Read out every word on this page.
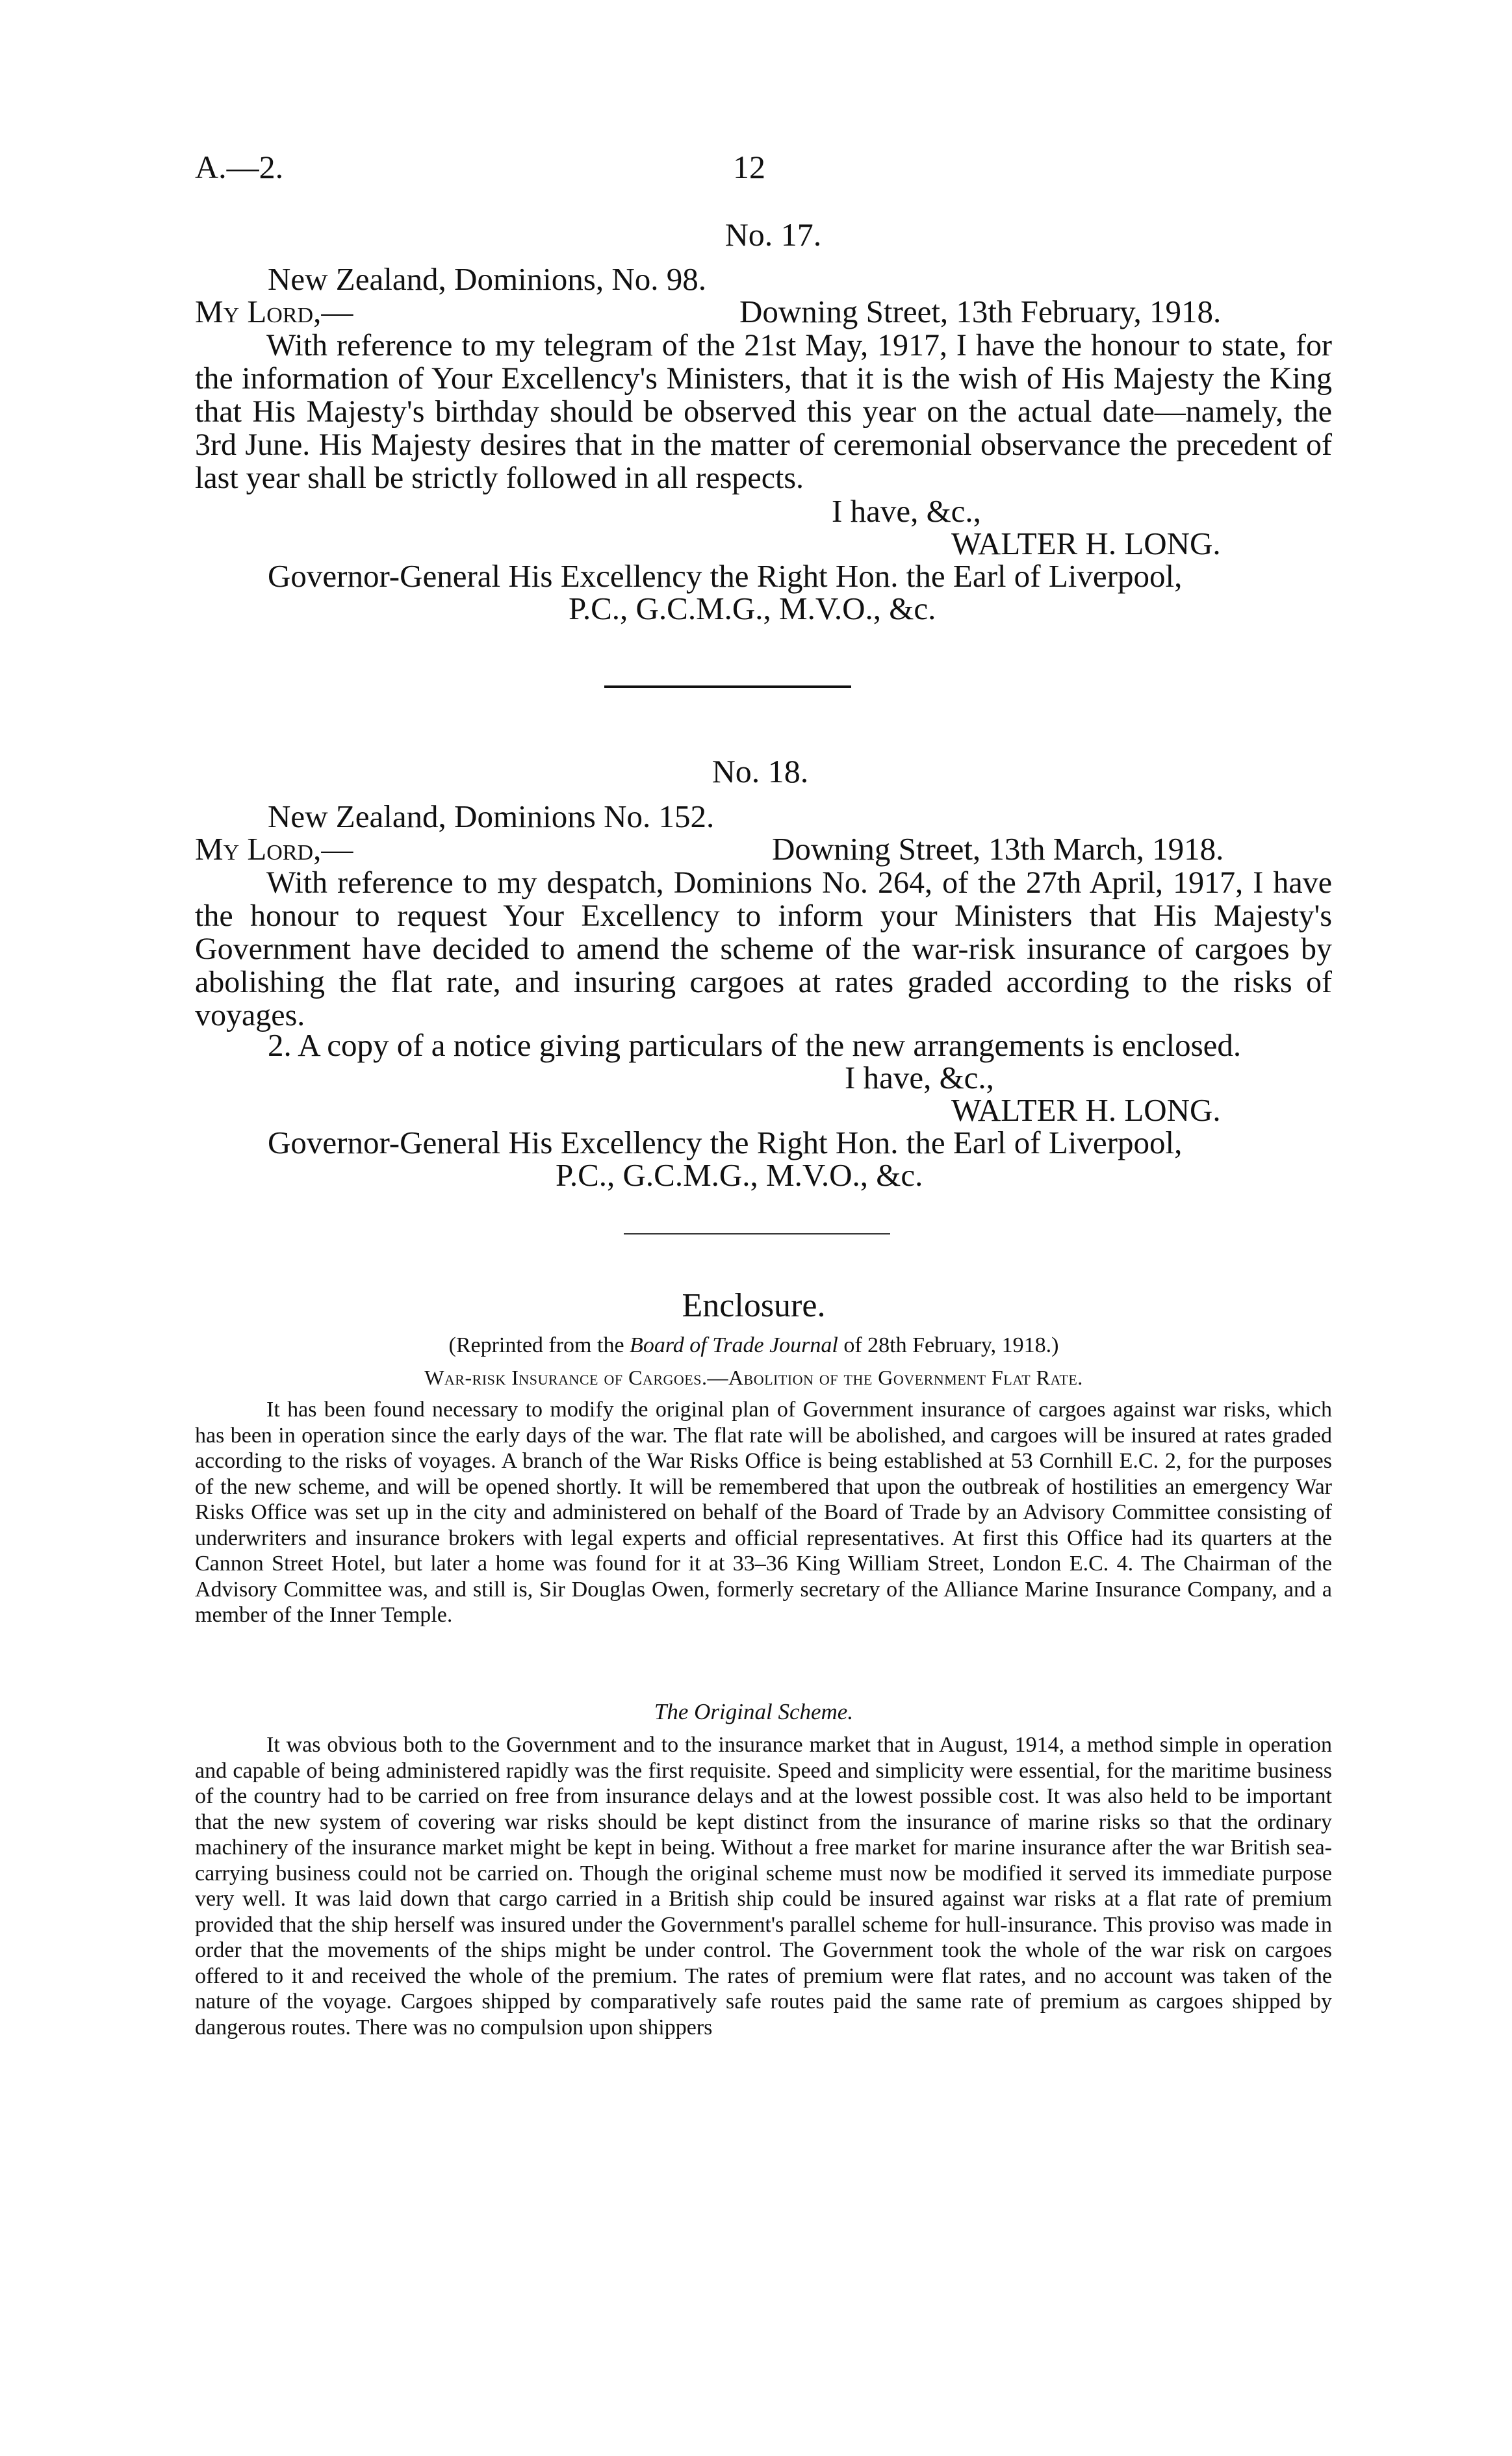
A.—2.	12
No. 17.
New Zealand, Dominions, No. 98.
My Lord,—	Downing Street, 13th February, 1918.

With reference to my telegram of the 21st May, 1917, I have the honour to state, for the information of Your Excellency's Ministers, that it is the wish of His Majesty the King that His Majesty's birthday should be observed this year on the actual date—namely, the 3rd June. His Majesty desires that in the matter of ceremonial observance the precedent of last year shall be strictly followed in all respects.

I have, &c.,
WALTER H. LONG.
Governor-General His Excellency the Right Hon. the Earl of Liverpool,
P.C., G.C.M.G., M.V.O., &c.
No. 18.
New Zealand, Dominions No. 152.
My Lord,—	Downing Street, 13th March, 1918.

With reference to my despatch, Dominions No. 264, of the 27th April, 1917, I have the honour to request Your Excellency to inform your Ministers that His Majesty's Government have decided to amend the scheme of the war-risk insurance of cargoes by abolishing the flat rate, and insuring cargoes at rates graded according to the risks of voyages.

2. A copy of a notice giving particulars of the new arrangements is enclosed.
I have, &c.,
WALTER H. LONG.
Governor-General His Excellency the Right Hon. the Earl of Liverpool,
P.C., G.C.M.G., M.V.O., &c.
Enclosure.
(Reprinted from the Board of Trade Journal of 28th February, 1918.)
War-risk Insurance of Cargoes.—Abolition of the Government Flat Rate.

It has been found necessary to modify the original plan of Government insurance of cargoes against war risks, which has been in operation since the early days of the war. The flat rate will be abolished, and cargoes will be insured at rates graded according to the risks of voyages. A branch of the War Risks Office is being established at 53 Cornhill E.C. 2, for the purposes of the new scheme, and will be opened shortly. It will be remembered that upon the outbreak of hostilities an emergency War Risks Office was set up in the city and administered on behalf of the Board of Trade by an Advisory Committee consisting of underwriters and insurance brokers with legal experts and official representatives. At first this Office had its quarters at the Cannon Street Hotel, but later a home was found for it at 33–36 King William Street, London E.C. 4. The Chairman of the Advisory Committee was, and still is, Sir Douglas Owen, formerly secretary of the Alliance Marine Insurance Company, and a member of the Inner Temple.

The Original Scheme.

It was obvious both to the Government and to the insurance market that in August, 1914, a method simple in operation and capable of being administered rapidly was the first requisite. Speed and simplicity were essential, for the maritime business of the country had to be carried on free from insurance delays and at the lowest possible cost. It was also held to be important that the new system of covering war risks should be kept distinct from the insurance of marine risks so that the ordinary machinery of the insurance market might be kept in being. Without a free market for marine insurance after the war British sea-carrying business could not be carried on. Though the original scheme must now be modified it served its immediate purpose very well. It was laid down that cargo carried in a British ship could be insured against war risks at a flat rate of premium provided that the ship herself was insured under the Government's parallel scheme for hull-insurance. This proviso was made in order that the movements of the ships might be under control. The Government took the whole of the war risk on cargoes offered to it and received the whole of the premium. The rates of premium were flat rates, and no account was taken of the nature of the voyage. Cargoes shipped by comparatively safe routes paid the same rate of premium as cargoes shipped by dangerous routes. There was no compulsion upon shippers
